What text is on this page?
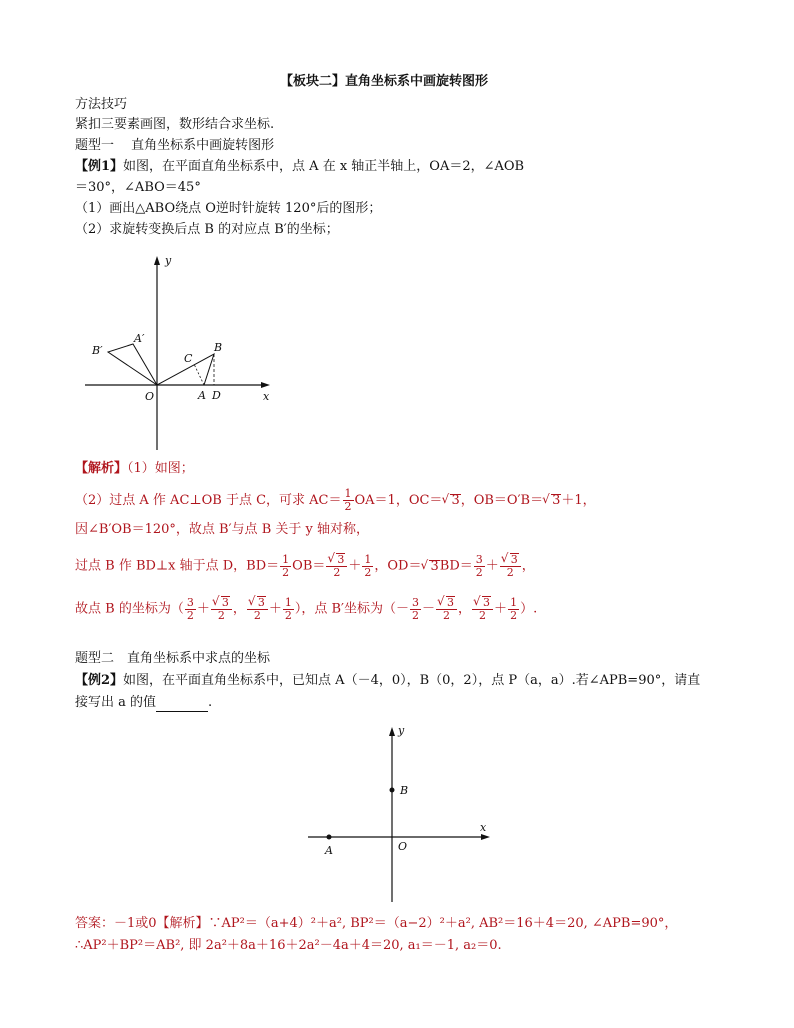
【板块二】直角坐标系中画旋转图形
方法技巧
紧扣三要素画图，数形结合求坐标.
题型一　 直角坐标系中画旋转图形
【例1】如图，在平面直角坐标系中，点 A 在 x 轴正半轴上，OA＝2，∠AOB
＝30°，∠ABO＝45°
（1）画出△ABO绕点 O逆时针旋转 120°后的图形；
（2）求旋转变换后点 B 的对应点 B′的坐标；
y
x
O	A D
B
C
B′
A′
【解析】（1）如图；
（2）过点 A 作 AC⊥OB 于点 C，可求 $AC= \frac{1}{2} OA=1$，OC＝ √ 3，OB＝O′B＝ √ 3＋1，
因∠B′OB＝120°，故点 B′与点 B 关于 y 轴对称，
过点 B 作 BD⊥x 轴于点 D，$BD= \frac{1}{2} OB=$ √ $\frac{3}{2} + \frac{1}{2}$ ，OD＝ √ $3BD= \frac{3}{2}$ ＋ √ $\frac{3}{2}$ ，
故点 B 的坐标为（ $\frac{3}{2}$ ＋ √ $\frac{3}{2}$ ， √ $\frac{3}{2} + \frac{1}{2}$ ），点 B′坐标为（－ $\frac{3}{2}$ － √ $\frac{3}{2}$ ， √ $\frac{3}{2} + \frac{1}{2}$ ）.
题型二　直角坐标系中求点的坐标
【例2】如图，在平面直角坐标系中，已知点 A（－4，0），B（0，2），点 P（a，a）.若∠APB=90°，请直
接写出 a 的值	.
y
x
O
A
B
答案：－1或0【解析】∵AP²＝（a+4）²＋a², BP²＝（a−2）²＋a², AB²＝16＋4＝20, ∠APB=90°，
∴AP²＋BP²＝AB², 即 2a²＋8a＋16＋2a²－4a＋4＝20, a₁＝－1, a₂＝0.
